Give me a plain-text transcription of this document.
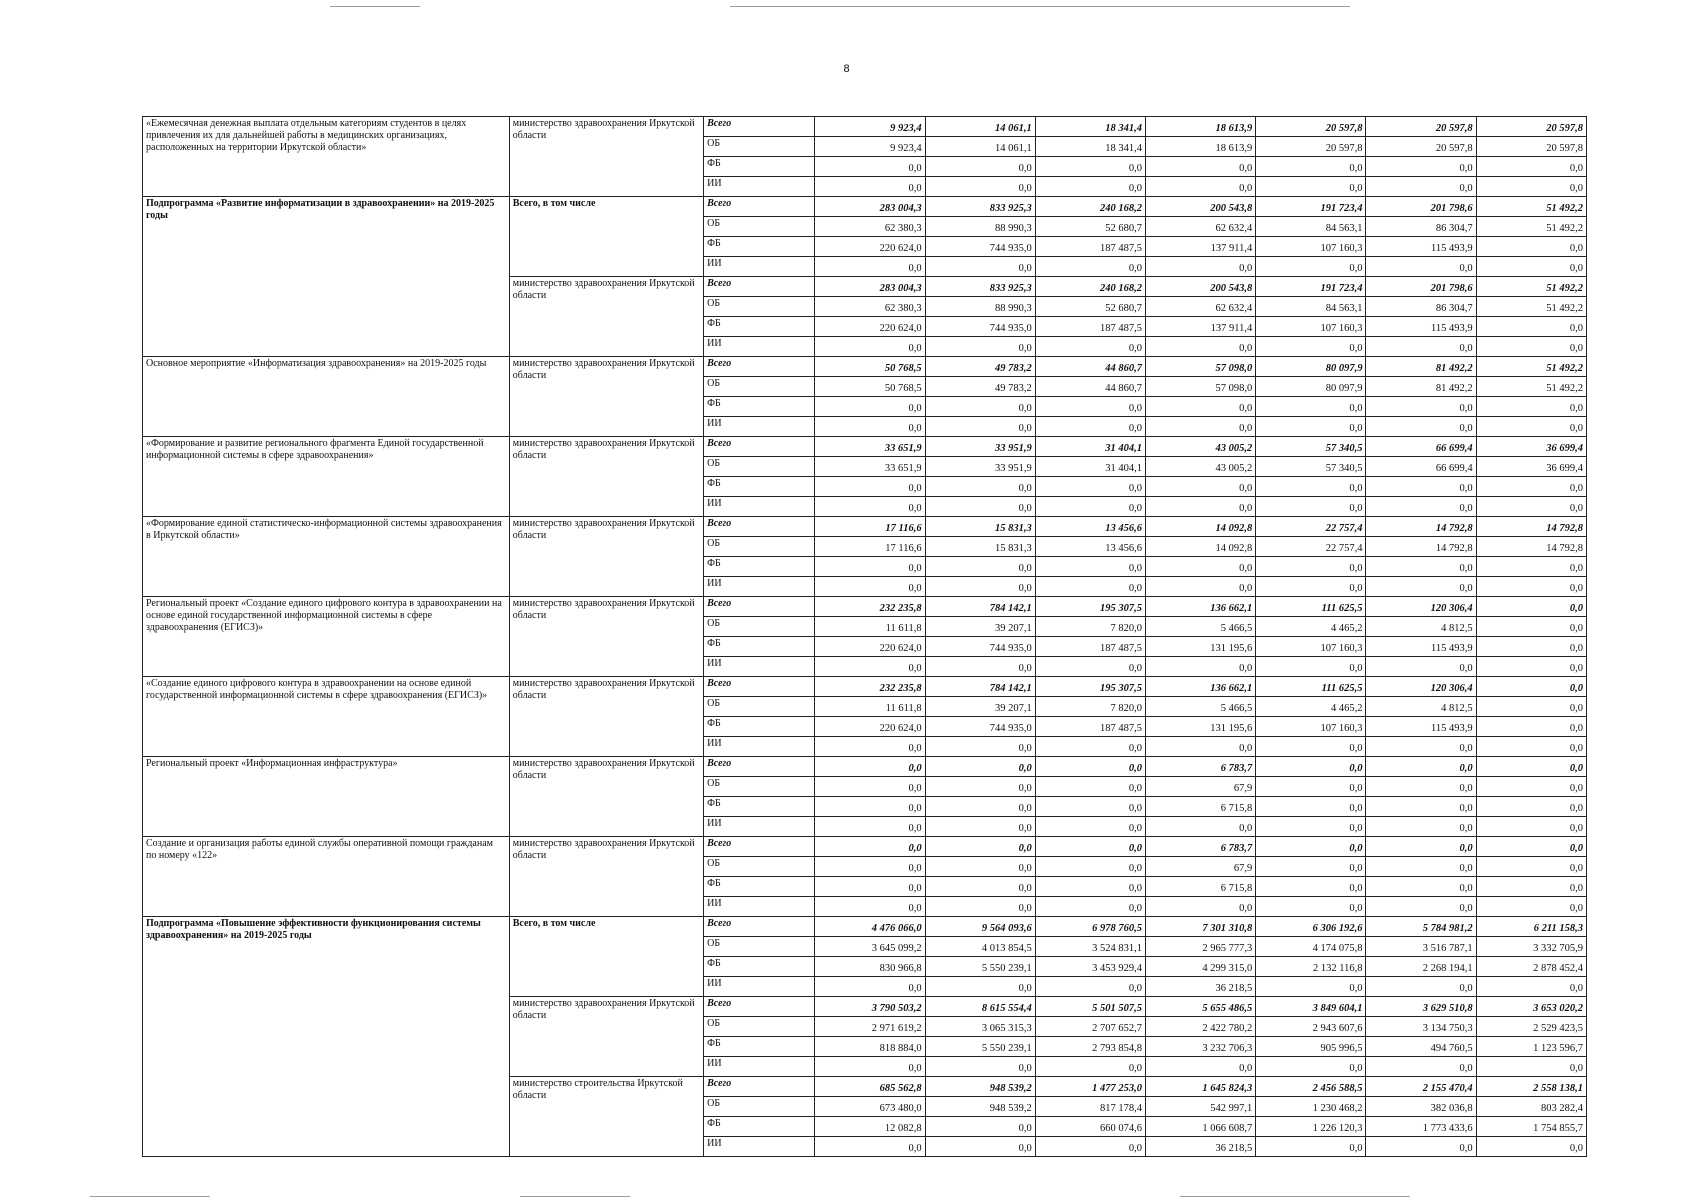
8
«Ежемесячная денежная выплата отдельным категориям студентов в целях привлечения их для дальнейшей работы в медицинских организациях, расположенных на территории Иркутской области»	министерство здравоохранения Иркутской области	Всего	9 923,4	14 061,1	18 341,4	18 613,9	20 597,8	20 597,8	20 597,8
		ОБ	9 923,4	14 061,1	18 341,4	18 613,9	20 597,8	20 597,8	20 597,8
		ФБ	0,0	0,0	0,0	0,0	0,0	0,0	0,0
		ИИ	0,0	0,0	0,0	0,0	0,0	0,0	0,0
Подпрограмма «Развитие информатизации в здравоохранении» на 2019-2025 годы	Всего, в том числе	Всего	283 004,3	833 925,3	240 168,2	200 543,8	191 723,4	201 798,6	51 492,2
		ОБ	62 380,3	88 990,3	52 680,7	62 632,4	84 563,1	86 304,7	51 492,2
		ФБ	220 624,0	744 935,0	187 487,5	137 911,4	107 160,3	115 493,9	0,0
		ИИ	0,0	0,0	0,0	0,0	0,0	0,0	0,0
	министерство здравоохранения Иркутской области	Всего	283 004,3	833 925,3	240 168,2	200 543,8	191 723,4	201 798,6	51 492,2
		ОБ	62 380,3	88 990,3	52 680,7	62 632,4	84 563,1	86 304,7	51 492,2
		ФБ	220 624,0	744 935,0	187 487,5	137 911,4	107 160,3	115 493,9	0,0
		ИИ	0,0	0,0	0,0	0,0	0,0	0,0	0,0
Основное мероприятие «Информатизация здравоохранения» на 2019-2025 годы	министерство здравоохранения Иркутской области	Всего	50 768,5	49 783,2	44 860,7	57 098,0	80 097,9	81 492,2	51 492,2
		ОБ	50 768,5	49 783,2	44 860,7	57 098,0	80 097,9	81 492,2	51 492,2
		ФБ	0,0	0,0	0,0	0,0	0,0	0,0	0,0
		ИИ	0,0	0,0	0,0	0,0	0,0	0,0	0,0
«Формирование и развитие регионального фрагмента Единой государственной информационной системы в сфере здравоохранения»	министерство здравоохранения Иркутской области	Всего	33 651,9	33 951,9	31 404,1	43 005,2	57 340,5	66 699,4	36 699,4
		ОБ	33 651,9	33 951,9	31 404,1	43 005,2	57 340,5	66 699,4	36 699,4
		ФБ	0,0	0,0	0,0	0,0	0,0	0,0	0,0
		ИИ	0,0	0,0	0,0	0,0	0,0	0,0	0,0
«Формирование единой статистическо-информационной системы здравоохранения в Иркутской области»	министерство здравоохранения Иркутской области	Всего	17 116,6	15 831,3	13 456,6	14 092,8	22 757,4	14 792,8	14 792,8
		ОБ	17 116,6	15 831,3	13 456,6	14 092,8	22 757,4	14 792,8	14 792,8
		ФБ	0,0	0,0	0,0	0,0	0,0	0,0	0,0
		ИИ	0,0	0,0	0,0	0,0	0,0	0,0	0,0
Региональный проект «Создание единого цифрового контура в здравоохранении на основе единой государственной информационной системы в сфере здравоохранения (ЕГИСЗ)»	министерство здравоохранения Иркутской области	Всего	232 235,8	784 142,1	195 307,5	136 662,1	111 625,5	120 306,4	0,0
		ОБ	11 611,8	39 207,1	7 820,0	5 466,5	4 465,2	4 812,5	0,0
		ФБ	220 624,0	744 935,0	187 487,5	131 195,6	107 160,3	115 493,9	0,0
		ИИ	0,0	0,0	0,0	0,0	0,0	0,0	0,0
«Создание единого цифрового контура в здравоохранении на основе единой государственной информационной системы в сфере здравоохранения (ЕГИСЗ)»	министерство здравоохранения Иркутской области	Всего	232 235,8	784 142,1	195 307,5	136 662,1	111 625,5	120 306,4	0,0
		ОБ	11 611,8	39 207,1	7 820,0	5 466,5	4 465,2	4 812,5	0,0
		ФБ	220 624,0	744 935,0	187 487,5	131 195,6	107 160,3	115 493,9	0,0
		ИИ	0,0	0,0	0,0	0,0	0,0	0,0	0,0
Региональный проект «Информационная инфраструктура»	министерство здравоохранения Иркутской области	Всего	0,0	0,0	0,0	6 783,7	0,0	0,0	0,0
		ОБ	0,0	0,0	0,0	67,9	0,0	0,0	0,0
		ФБ	0,0	0,0	0,0	6 715,8	0,0	0,0	0,0
		ИИ	0,0	0,0	0,0	0,0	0,0	0,0	0,0
Создание и организация работы единой службы оперативной помощи гражданам по номеру «122»	министерство здравоохранения Иркутской области	Всего	0,0	0,0	0,0	6 783,7	0,0	0,0	0,0
		ОБ	0,0	0,0	0,0	67,9	0,0	0,0	0,0
		ФБ	0,0	0,0	0,0	6 715,8	0,0	0,0	0,0
		ИИ	0,0	0,0	0,0	0,0	0,0	0,0	0,0
Подпрограмма «Повышение эффективности функционирования системы здравоохранения» на 2019-2025 годы	Всего, в том числе	Всего	4 476 066,0	9 564 093,6	6 978 760,5	7 301 310,8	6 306 192,6	5 784 981,2	6 211 158,3
		ОБ	3 645 099,2	4 013 854,5	3 524 831,1	2 965 777,3	4 174 075,8	3 516 787,1	3 332 705,9
		ФБ	830 966,8	5 550 239,1	3 453 929,4	4 299 315,0	2 132 116,8	2 268 194,1	2 878 452,4
		ИИ	0,0	0,0	0,0	36 218,5	0,0	0,0	0,0
	министерство здравоохранения Иркутской области	Всего	3 790 503,2	8 615 554,4	5 501 507,5	5 655 486,5	3 849 604,1	3 629 510,8	3 653 020,2
		ОБ	2 971 619,2	3 065 315,3	2 707 652,7	2 422 780,2	2 943 607,6	3 134 750,3	2 529 423,5
		ФБ	818 884,0	5 550 239,1	2 793 854,8	3 232 706,3	905 996,5	494 760,5	1 123 596,7
		ИИ	0,0	0,0	0,0	0,0	0,0	0,0	0,0
	министерство строительства Иркутской области	Всего	685 562,8	948 539,2	1 477 253,0	1 645 824,3	2 456 588,5	2 155 470,4	2 558 138,1
		ОБ	673 480,0	948 539,2	817 178,4	542 997,1	1 230 468,2	382 036,8	803 282,4
		ФБ	12 082,8	0,0	660 074,6	1 066 608,7	1 226 120,3	1 773 433,6	1 754 855,7
		ИИ	0,0	0,0	0,0	36 218,5	0,0	0,0	0,0
